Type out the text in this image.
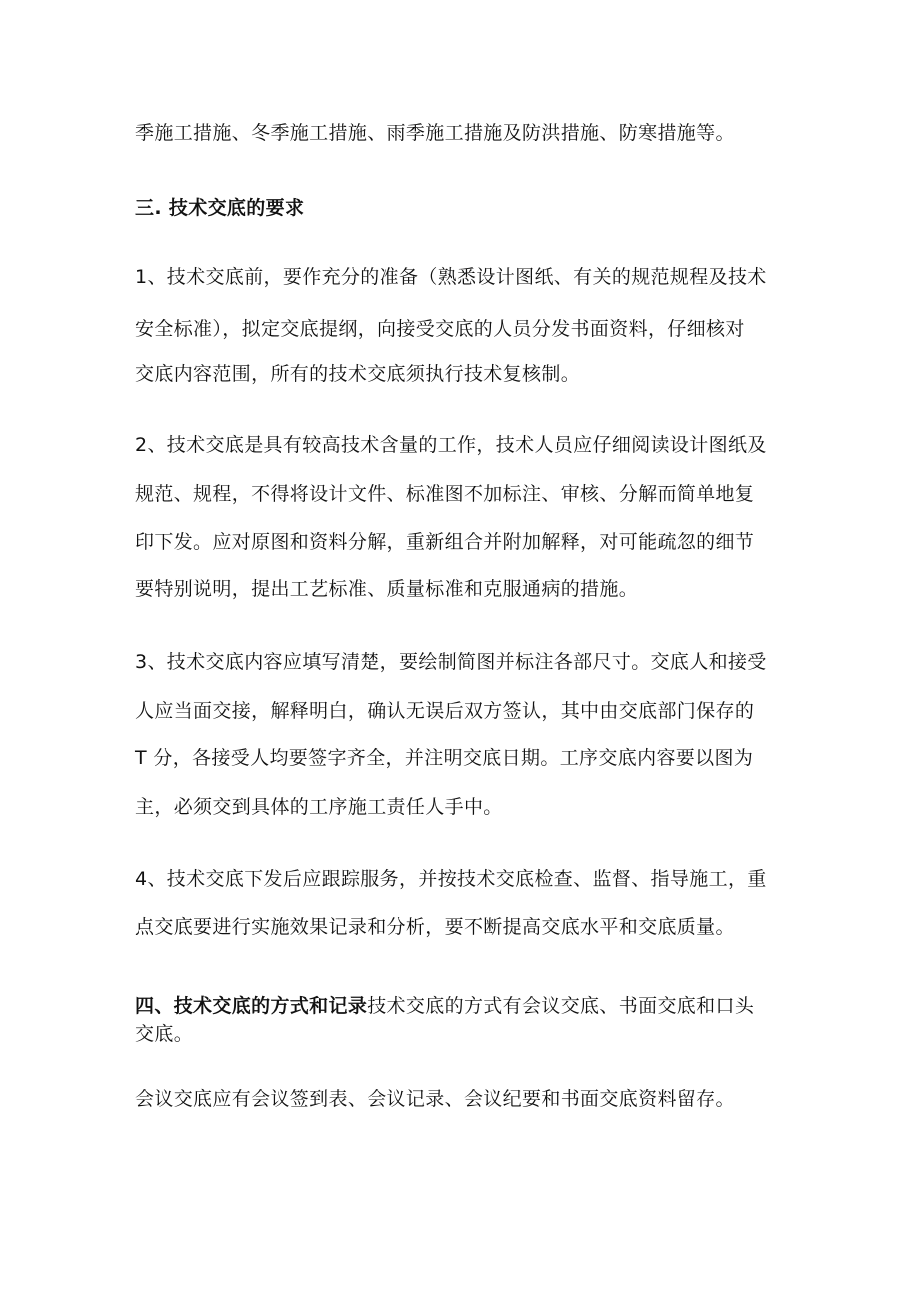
季施工措施、冬季施工措施、雨季施工措施及防洪措施、防寒措施等。
三. 技术交底的要求
1、技术交底前，要作充分的准备（熟悉设计图纸、有关的规范规程及技术
安全标准），拟定交底提纲，向接受交底的人员分发书面资料，仔细核对
交底内容范围，所有的技术交底须执行技术复核制。
2、技术交底是具有较高技术含量的工作，技术人员应仔细阅读设计图纸及
规范、规程，不得将设计文件、标准图不加标注、审核、分解而简单地复
印下发。应对原图和资料分解，重新组合并附加解释，对可能疏忽的细节
要特别说明，提出工艺标准、质量标准和克服通病的措施。
3、技术交底内容应填写清楚，要绘制简图并标注各部尺寸。交底人和接受
人应当面交接，解释明白，确认无误后双方签认，其中由交底部门保存的
T 分，各接受人均要签字齐全，并注明交底日期。工序交底内容要以图为
主，必须交到具体的工序施工责任人手中。
4、技术交底下发后应跟踪服务，并按技术交底检查、监督、指导施工，重
点交底要进行实施效果记录和分析，要不断提高交底水平和交底质量。
四、技术交底的方式和记录技术交底的方式有会议交底、书面交底和口头
交底。
会议交底应有会议签到表、会议记录、会议纪要和书面交底资料留存。
